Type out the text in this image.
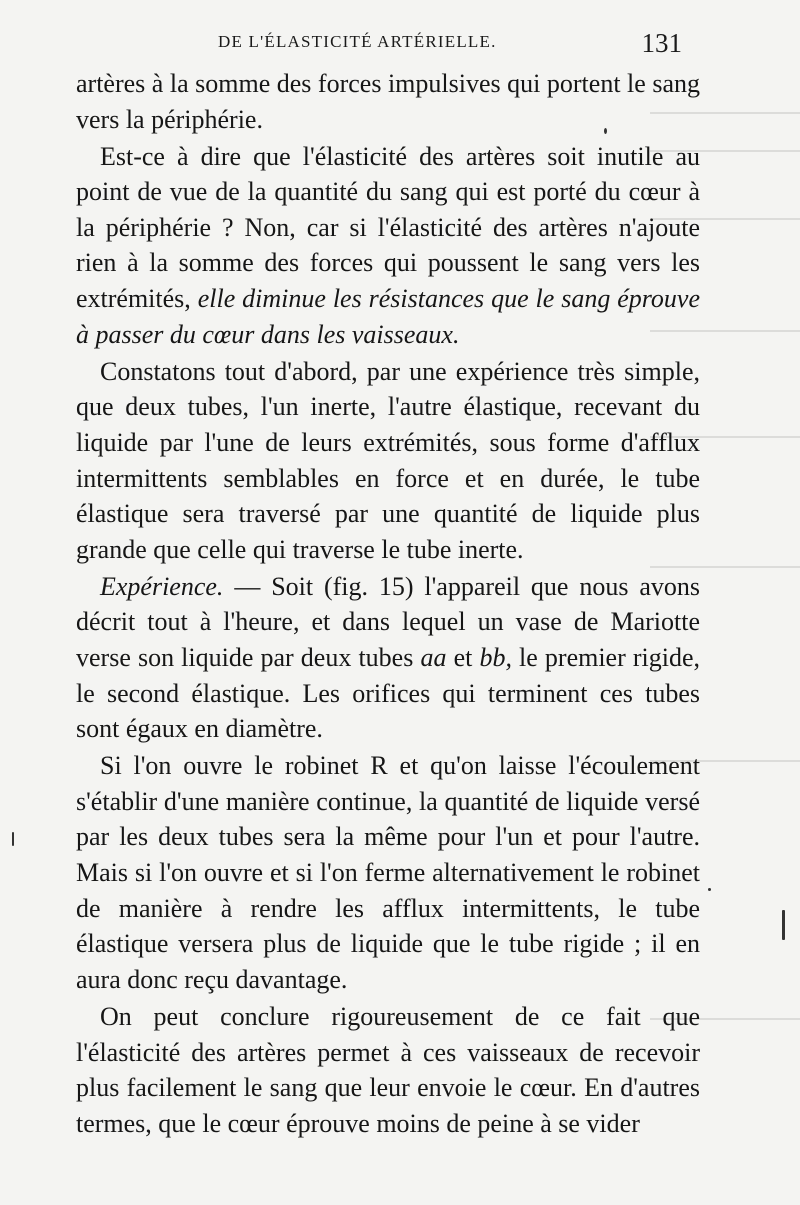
DE L'ÉLASTICITÉ ARTÉRIELLE.	131

artères à la somme des forces impulsives qui portent le sang vers la périphérie.

Est-ce à dire que l'élasticité des artères soit inutile au point de vue de la quantité du sang qui est porté du cœur à la périphérie ? Non, car si l'élasticité des artères n'ajoute rien à la somme des forces qui poussent le sang vers les extrémités, elle diminue les résistances que le sang éprouve à passer du cœur dans les vaisseaux.

Constatons tout d'abord, par une expérience très simple, que deux tubes, l'un inerte, l'autre élastique, recevant du liquide par l'une de leurs extrémités, sous forme d'afflux intermittents semblables en force et en durée, le tube élastique sera traversé par une quantité de liquide plus grande que celle qui traverse le tube inerte.

Expérience. — Soit (fig. 15) l'appareil que nous avons décrit tout à l'heure, et dans lequel un vase de Mariotte verse son liquide par deux tubes aa et bb, le premier rigide, le second élastique. Les orifices qui terminent ces tubes sont égaux en diamètre.

Si l'on ouvre le robinet R et qu'on laisse l'écoulement s'établir d'une manière continue, la quantité de liquide versé par les deux tubes sera la même pour l'un et pour l'autre. Mais si l'on ouvre et si l'on ferme alternativement le robinet de manière à rendre les afflux intermittents, le tube élastique versera plus de liquide que le tube rigide ; il en aura donc reçu davantage.

On peut conclure rigoureusement de ce fait que l'élasticité des artères permet à ces vaisseaux de recevoir plus facilement le sang que leur envoie le cœur. En d'autres termes, que le cœur éprouve moins de peine à se vider
